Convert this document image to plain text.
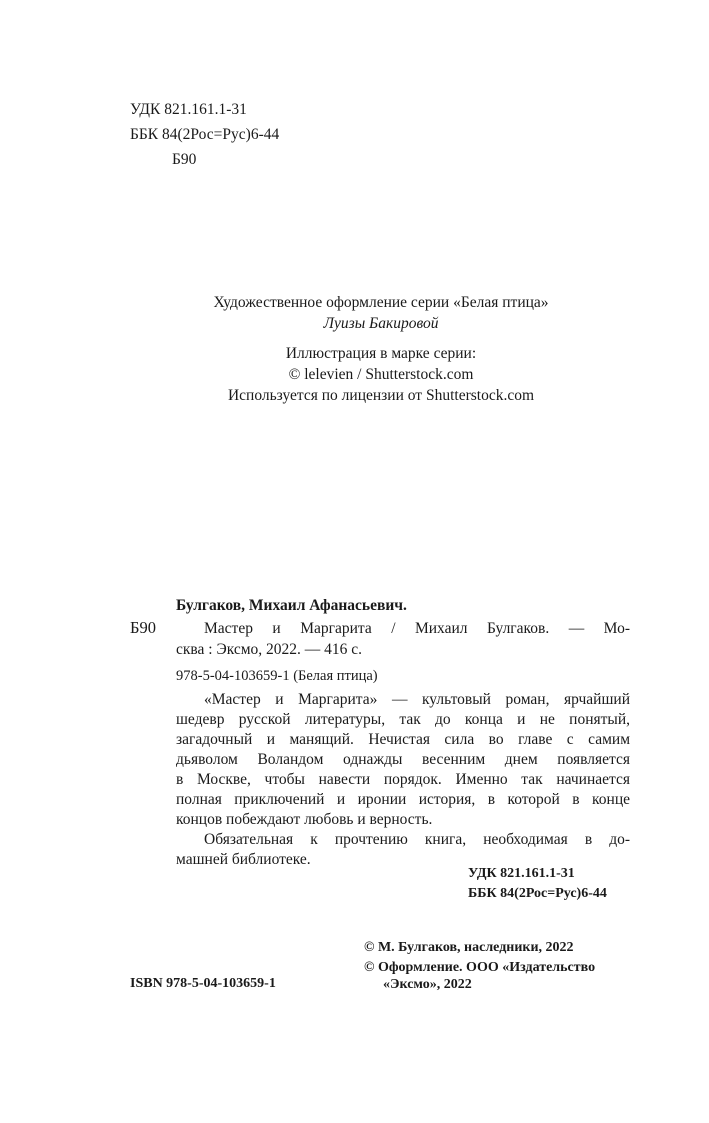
УДК 821.161.1-31
ББК 84(2Рос=Рус)6-44
Б90
Художественное оформление серии «Белая птица»
Луизы Бакировой
Иллюстрация в марке серии:
© lelevien / Shutterstock.com
Используется по лицензии от Shutterstock.com
Булгаков, Михаил Афанасьевич.
Б90	Мастер и Маргарита / Михаил Булгаков. — Мо-
сква : Эксмо, 2022. — 416 с.
978-5-04-103659-1 (Белая птица)
«Мастер и Маргарита» — культовый роман, ярчайший
шедевр русской литературы, так до конца и не понятый,
загадочный и манящий. Нечистая сила во главе с самим
дьяволом Воландом однажды весенним днем появляется
в Москве, чтобы навести порядок. Именно так начинается
полная приключений и иронии история, в которой в конце
концов побеждают любовь и верность.
Обязательная к прочтению книга, необходимая в до-
машней библиотеке.
УДК 821.161.1-31
ББК 84(2Рос=Рус)6-44
© М. Булгаков, наследники, 2022
© Оформление. ООО «Издательство
ISBN 978-5-04-103659-1	«Эксмо», 2022
